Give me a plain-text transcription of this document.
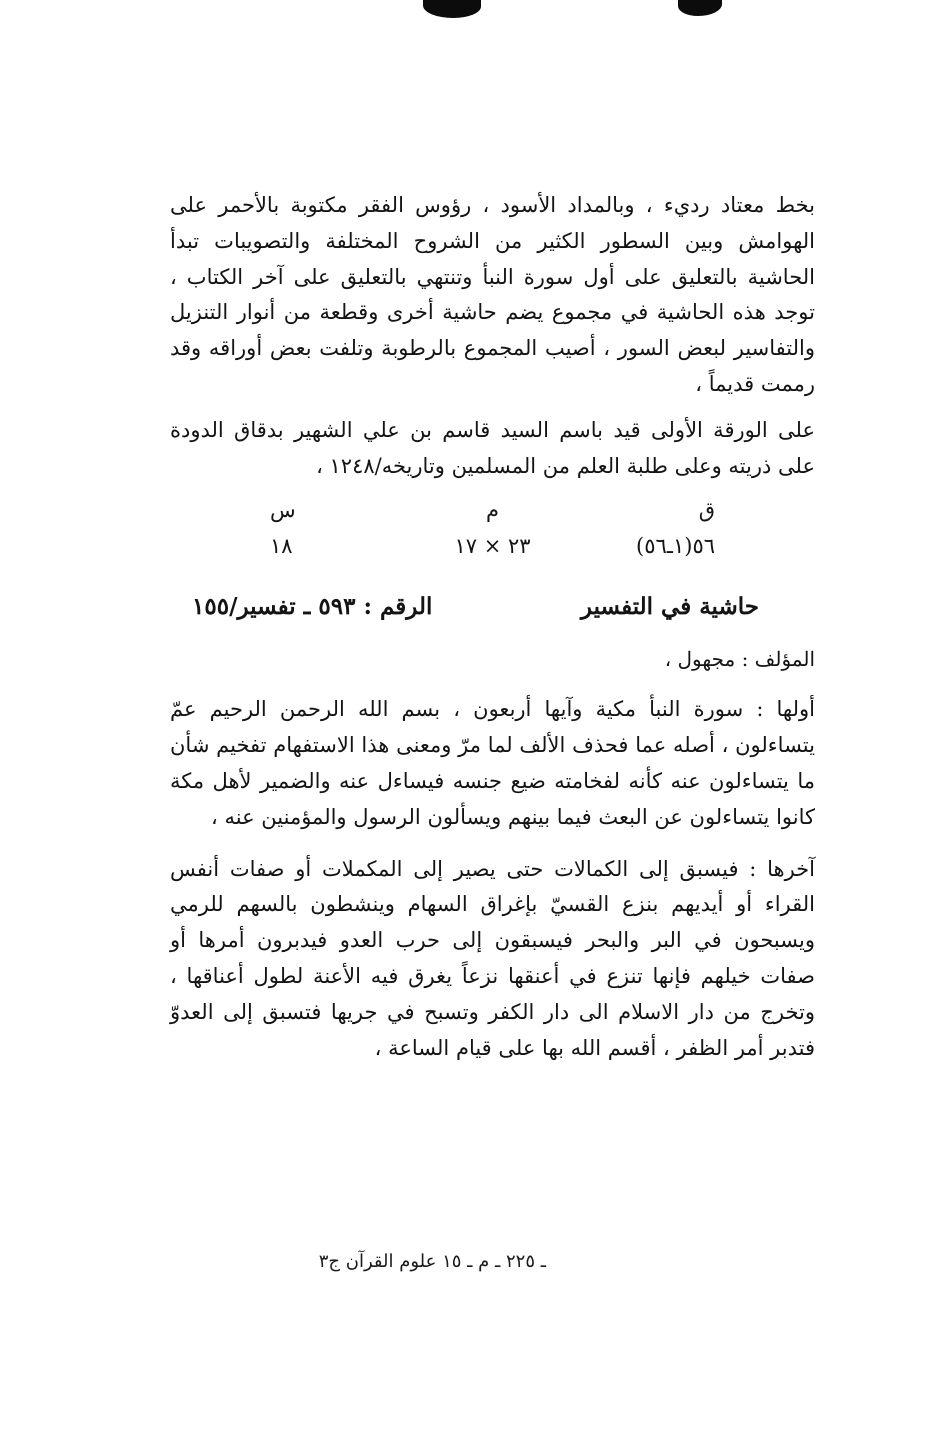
بخط معتاد رديء ، وبالمداد الأسود ، رؤوس الفقر مكتوبة بالأحمر على الهوامش وبين السطور الكثير من الشروح المختلفة والتصويبات تبدأ الحاشية بالتعليق على أول سورة النبأ وتنتهي بالتعليق على آخر الكتاب ، توجد هذه الحاشية في مجموع يضم حاشية أخرى وقطعة من أنوار التنزيل والتفاسير لبعض السور ، أصيب المجموع بالرطوبة وتلفت بعض أوراقه وقد رممت قديماً ،

على الورقة الأولى قيد باسم السيد قاسم بن علي الشهير بدقاق الدودة على ذريته وعلى طلبة العلم من المسلمين وتاريخه/١٢٤٨ ،

ق
م
س
٥٦(١ـ٥٦)
٢٣ × ١٧
١٨
حاشية في التفسير
الرقم : ٥٩٣ ـ تفسير/١٥٥
المؤلف : مجهول ،

أولها : سورة النبأ مكية وآيها أربعون ، بسم الله الرحمن الرحيم عمّ يتساءلون ، أصله عما فحذف الألف لما مرّ ومعنى هذا الاستفهام تفخيم شأن ما يتساءلون عنه كأنه لفخامته ضيع جنسه فيساءل عنه والضمير لأهل مكة كانوا يتساءلون عن البعث فيما بينهم ويسألون الرسول والمؤمنين عنه ،

آخرها : فيسبق إلى الكمالات حتى يصير إلى المكملات أو صفات أنفس القراء أو أيديهم بنزع القسيّ بإغراق السهام وينشطون بالسهم للرمي ويسبحون في البر والبحر فيسبقون إلى حرب العدو فيدبرون أمرها أو صفات خيلهم فإنها تنزع في أعنقها نزعاً يغرق فيه الأعنة لطول أعناقها ، وتخرج من دار الاسلام الى دار الكفر وتسبح في جريها فتسبق إلى العدوّ فتدبر أمر الظفر ، أقسم الله بها على قيام الساعة ،

ـ ٢٢٥ ـ م ـ ١٥ علوم القرآن ج٣
